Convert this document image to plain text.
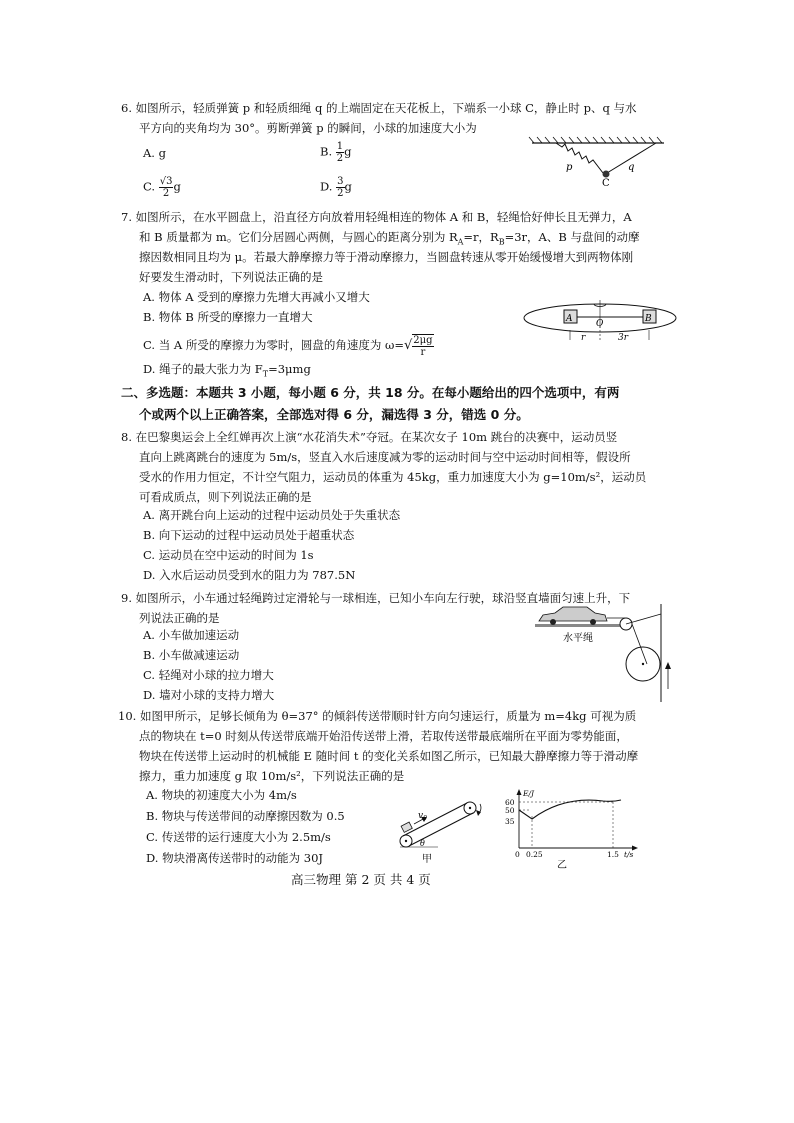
6. 如图所示，轻质弹簧 p 和轻质细绳 q 的上端固定在天花板上，下端系一小球 C，静止时 p、q 与水
平方向的夹角均为 30°。剪断弹簧 p 的瞬间，小球的加速度大小为
A. g	B. $\frac{1}{2}$ g
C. $\frac{√3}{2}$ g	D. $\frac{3}{2}$ g
p	q
C
7. 如图所示，在水平圆盘上，沿直径方向放着用轻绳相连的物体 A 和 B，轻绳恰好伸长且无弹力，A
和 B 质量都为 m。它们分居圆心两侧，与圆心的距离分别为 $R_A=r$，$R_B=3r$，A、B 与盘间的动摩
擦因数相同且均为 μ。若最大静摩擦力等于滑动摩擦力，当圆盘转速从零开始缓慢增大到两物体刚
好要发生滑动时，下列说法正确的是
A. 物体 A 受到的摩擦力先增大再减小又增大
B. 物体 B 所受的摩擦力一直增大
C. 当 A 所受的摩擦力为零时，圆盘的角速度为 $\omega=√ \frac{2\mu g}{r}$
D. 绳子的最大张力为 $F_T=3\mu mg$
A	O	B
r	3r
二、多选题：本题共 3 小题，每小题 6 分，共 18 分。在每小题给出的四个选项中，有两
个或两个以上正确答案，全部选对得 6 分，漏选得 3 分，错选 0 分。
8. 在巴黎奥运会上全红婵再次上演“水花消失术”夺冠。在某次女子 10m 跳台的决赛中，运动员竖
直向上跳离跳台的速度为 5m/s，竖直入水后速度减为零的运动时间与空中运动时间相等，假设所
受水的作用力恒定，不计空气阻力，运动员的体重为 45kg，重力加速度大小为 g=10m/s²，运动员
可看成质点，则下列说法正确的是
A. 离开跳台向上运动的过程中运动员处于失重状态
B. 向下运动的过程中运动员处于超重状态
C. 运动员在空中运动的时间为 1s
D. 入水后运动员受到水的阻力为 787.5N
9. 如图所示，小车通过轻绳跨过定滑轮与一球相连，已知小车向左行驶，球沿竖直墙面匀速上升，下
列说法正确的是
A. 小车做加速运动
B. 小车做减速运动
C. 轻绳对小球的拉力增大
D. 墙对小球的支持力增大
水平绳
10. 如图甲所示，足够长倾角为 θ=37° 的倾斜传送带顺时针方向匀速运行，质量为 m=4kg 可视为质
点的物块在 t=0 时刻从传送带底端开始沿传送带上滑，若取传送带最底端所在平面为零势能面，
物块在传送带上运动时的机械能 E 随时间 t 的变化关系如图乙所示，已知最大静摩擦力等于滑动摩
擦力，重力加速度 g 取 10m/s²，下列说法正确的是
A. 物块的初速度大小为 4m/s
B. 物块与传送带间的动摩擦因数为 0.5
C. 传送带的运行速度大小为 2.5m/s
D. 物块滑离传送带时的动能为 30J
$v_0$
θ
甲
E/J
60
50
35
0 0.25	1.5 t/s
乙
高三物理 第 2 页 共 4 页
